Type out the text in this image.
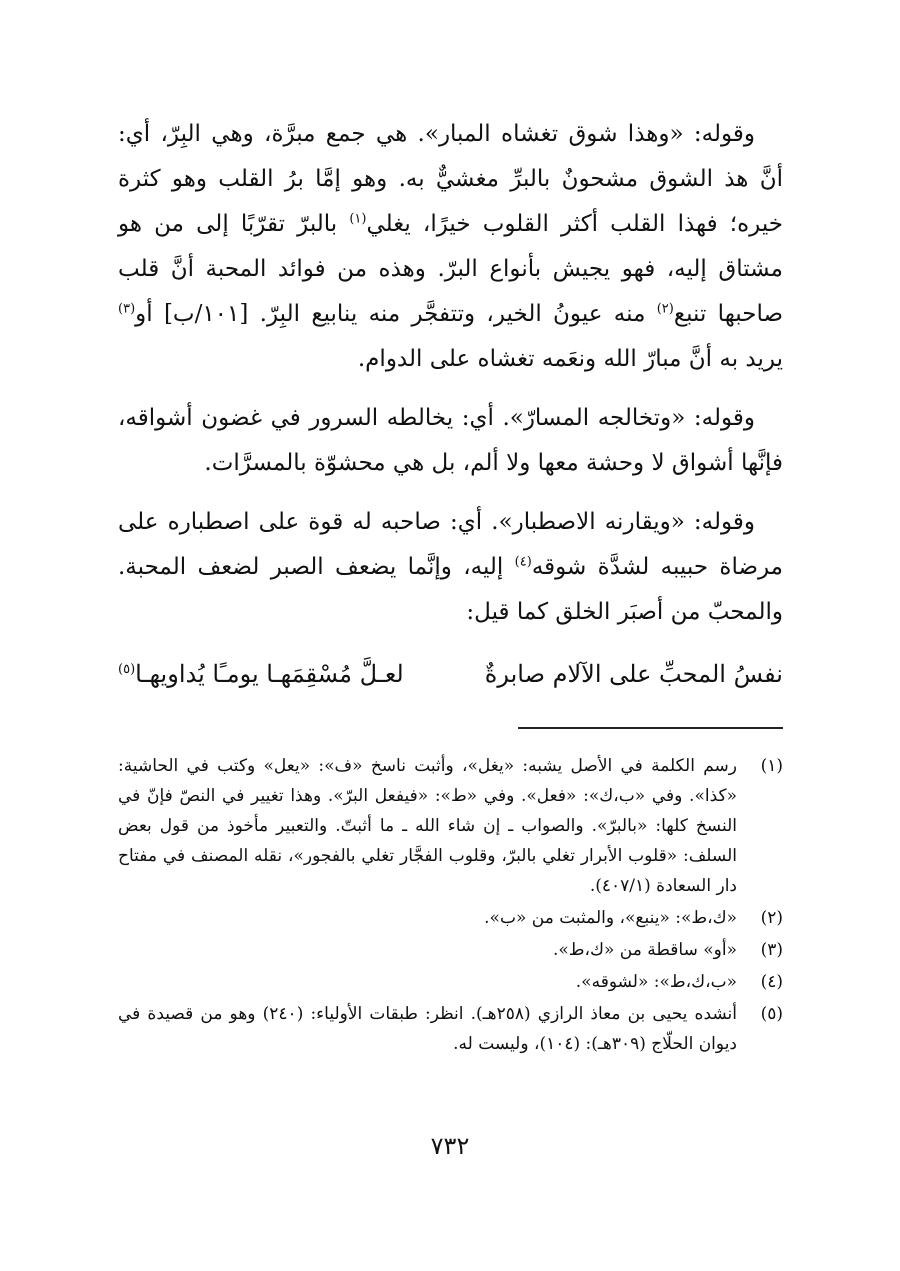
وقوله: «وهذا شوق تغشاه المبار». هي جمع مبرَّة، وهي البِرّ، أي: أنَّ هذ الشوق مشحونٌ بالبرِّ مغشيٌّ به. وهو إمَّا برُ القلب وهو كثرة خيره؛ فهذا القلب أكثر القلوب خيرًا، يغلي$^{(١)}$ بالبرّ تقرّبًا إلى من هو مشتاق إليه، فهو يجيش بأنواع البرّ. وهذه من فوائد المحبة أنَّ قلب صاحبها تنبع$^{(٢)}$ منه عيونُ الخير، وتتفجَّر منه ينابيع البِرّ. [١٠١/ب] أو$^{(٣)}$ يريد به أنَّ مبارّ الله ونعَمه تغشاه على الدوام.

وقوله: «وتخالجه المسارّ». أي: يخالطه السرور في غضون أشواقه، فإنَّها أشواق لا وحشة معها ولا ألم، بل هي محشوّة بالمسرَّات.

وقوله: «ويقارنه الاصطبار». أي: صاحبه له قوة على اصطباره على مرضاة حبيبه لشدَّة شوقه$^{(٤)}$ إليه، وإنَّما يضعف الصبر لضعف المحبة. والمحبّ من أصبَر الخلق كما قيل:

نفسُ المحبِّ على الآلام صابرةٌ
لعـلَّ مُسْقِمَهـا يومـًا يُداويهـا$^{(٥)}$
(١)
رسم الكلمة في الأصل يشبه: «يغل»، وأثبت ناسخ «ف»: «يعل» وكتب في الحاشية: «كذا». وفي «ب،ك»: «فعل». وفي «ط»: «فيفعل البرّ». وهذا تغيير في النصّ فإنّ في النسخ كلها: «بالبرّ». والصواب ـ إن شاء الله ـ ما أثبتّ. والتعبير مأخوذ من قول بعض السلف: «قلوب الأبرار تغلي بالبرّ، وقلوب الفجَّار تغلي بالفجور»، نقله المصنف في مفتاح دار السعادة (٤٠٧/١).
(٢)
«ك،ط»: «ينبع»، والمثبت من «ب».
(٣)
«أو» ساقطة من «ك،ط».
(٤)
«ب،ك،ط»: «لشوقه».
(٥)
أنشده يحيى بن معاذ الرازي (٢٥٨هـ). انظر: طبقات الأولياء: (٢٤٠) وهو من قصيدة في ديوان الحلّاج (٣٠٩هـ): (١٠٤)، وليست له.
٧٣٢
